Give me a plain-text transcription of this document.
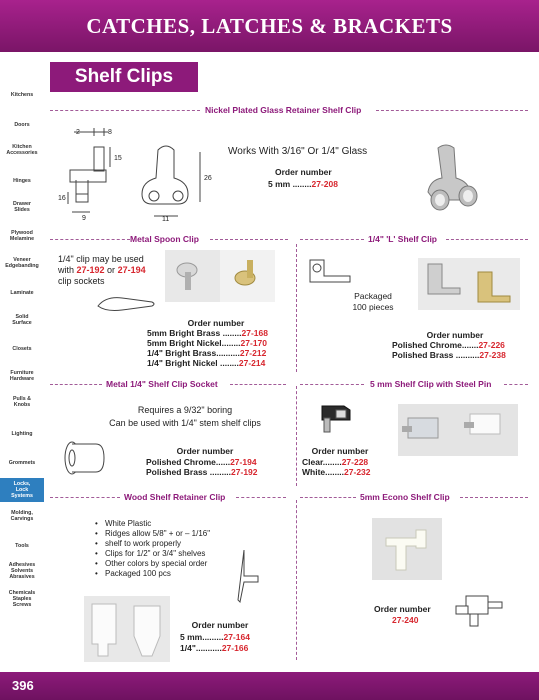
CATCHES, LATCHES & BRACKETS
Shelf Clips
Kitchens
Doors
Kitchen Accessories
Hinges
Drawer Slides
Plywood Melamine
Veneer Edgebanding
Laminate
Solid Surface
Closets
Furniture Hardware
Pulls & Knobs
Lighting
Grommets
Locks, Lock Systems
Molding, Carvings
Tools
Adhesives Solvents Abrasives
Chemicals Staples Screws
Nickel Plated Glass Retainer Shelf Clip
2	8
15
16
9
26
11
Works With 3/16" Or 1/4" Glass
Order number
5 mm ........27-208
Metal Spoon Clip
1/4" clip may be used
with 27-192 or 27-194
clip sockets
Order number
5mm Bright Brass ........27-168
5mm Bright Nickel........27-170
1/4" Bright Brass..........27-212
1/4" Bright Nickel ........27-214
1/4" 'L' Shelf Clip
Packaged
100 pieces
Order number
Polished Chrome.......27-226
Polished Brass ..........27-238
Metal 1/4" Shelf Clip Socket
Requires a 9/32" boring
Can be used with 1/4" stem shelf clips
Order number
Polished Chrome......27-194
Polished Brass .........27-192
5 mm Shelf Clip with Steel Pin
Order number
Clear........27-228
White........27-232
Wood Shelf Retainer Clip
• White Plastic
• Ridges allow 5/8" + or – 1/16"
• shelf to work properly
• Clips for 1/2" or 3/4" shelves
• Other colors by special order
• Packaged 100 pcs
Order number
5 mm.........27-164
1/4"...........27-166
5mm Econo Shelf Clip
Order number
27-240
396
